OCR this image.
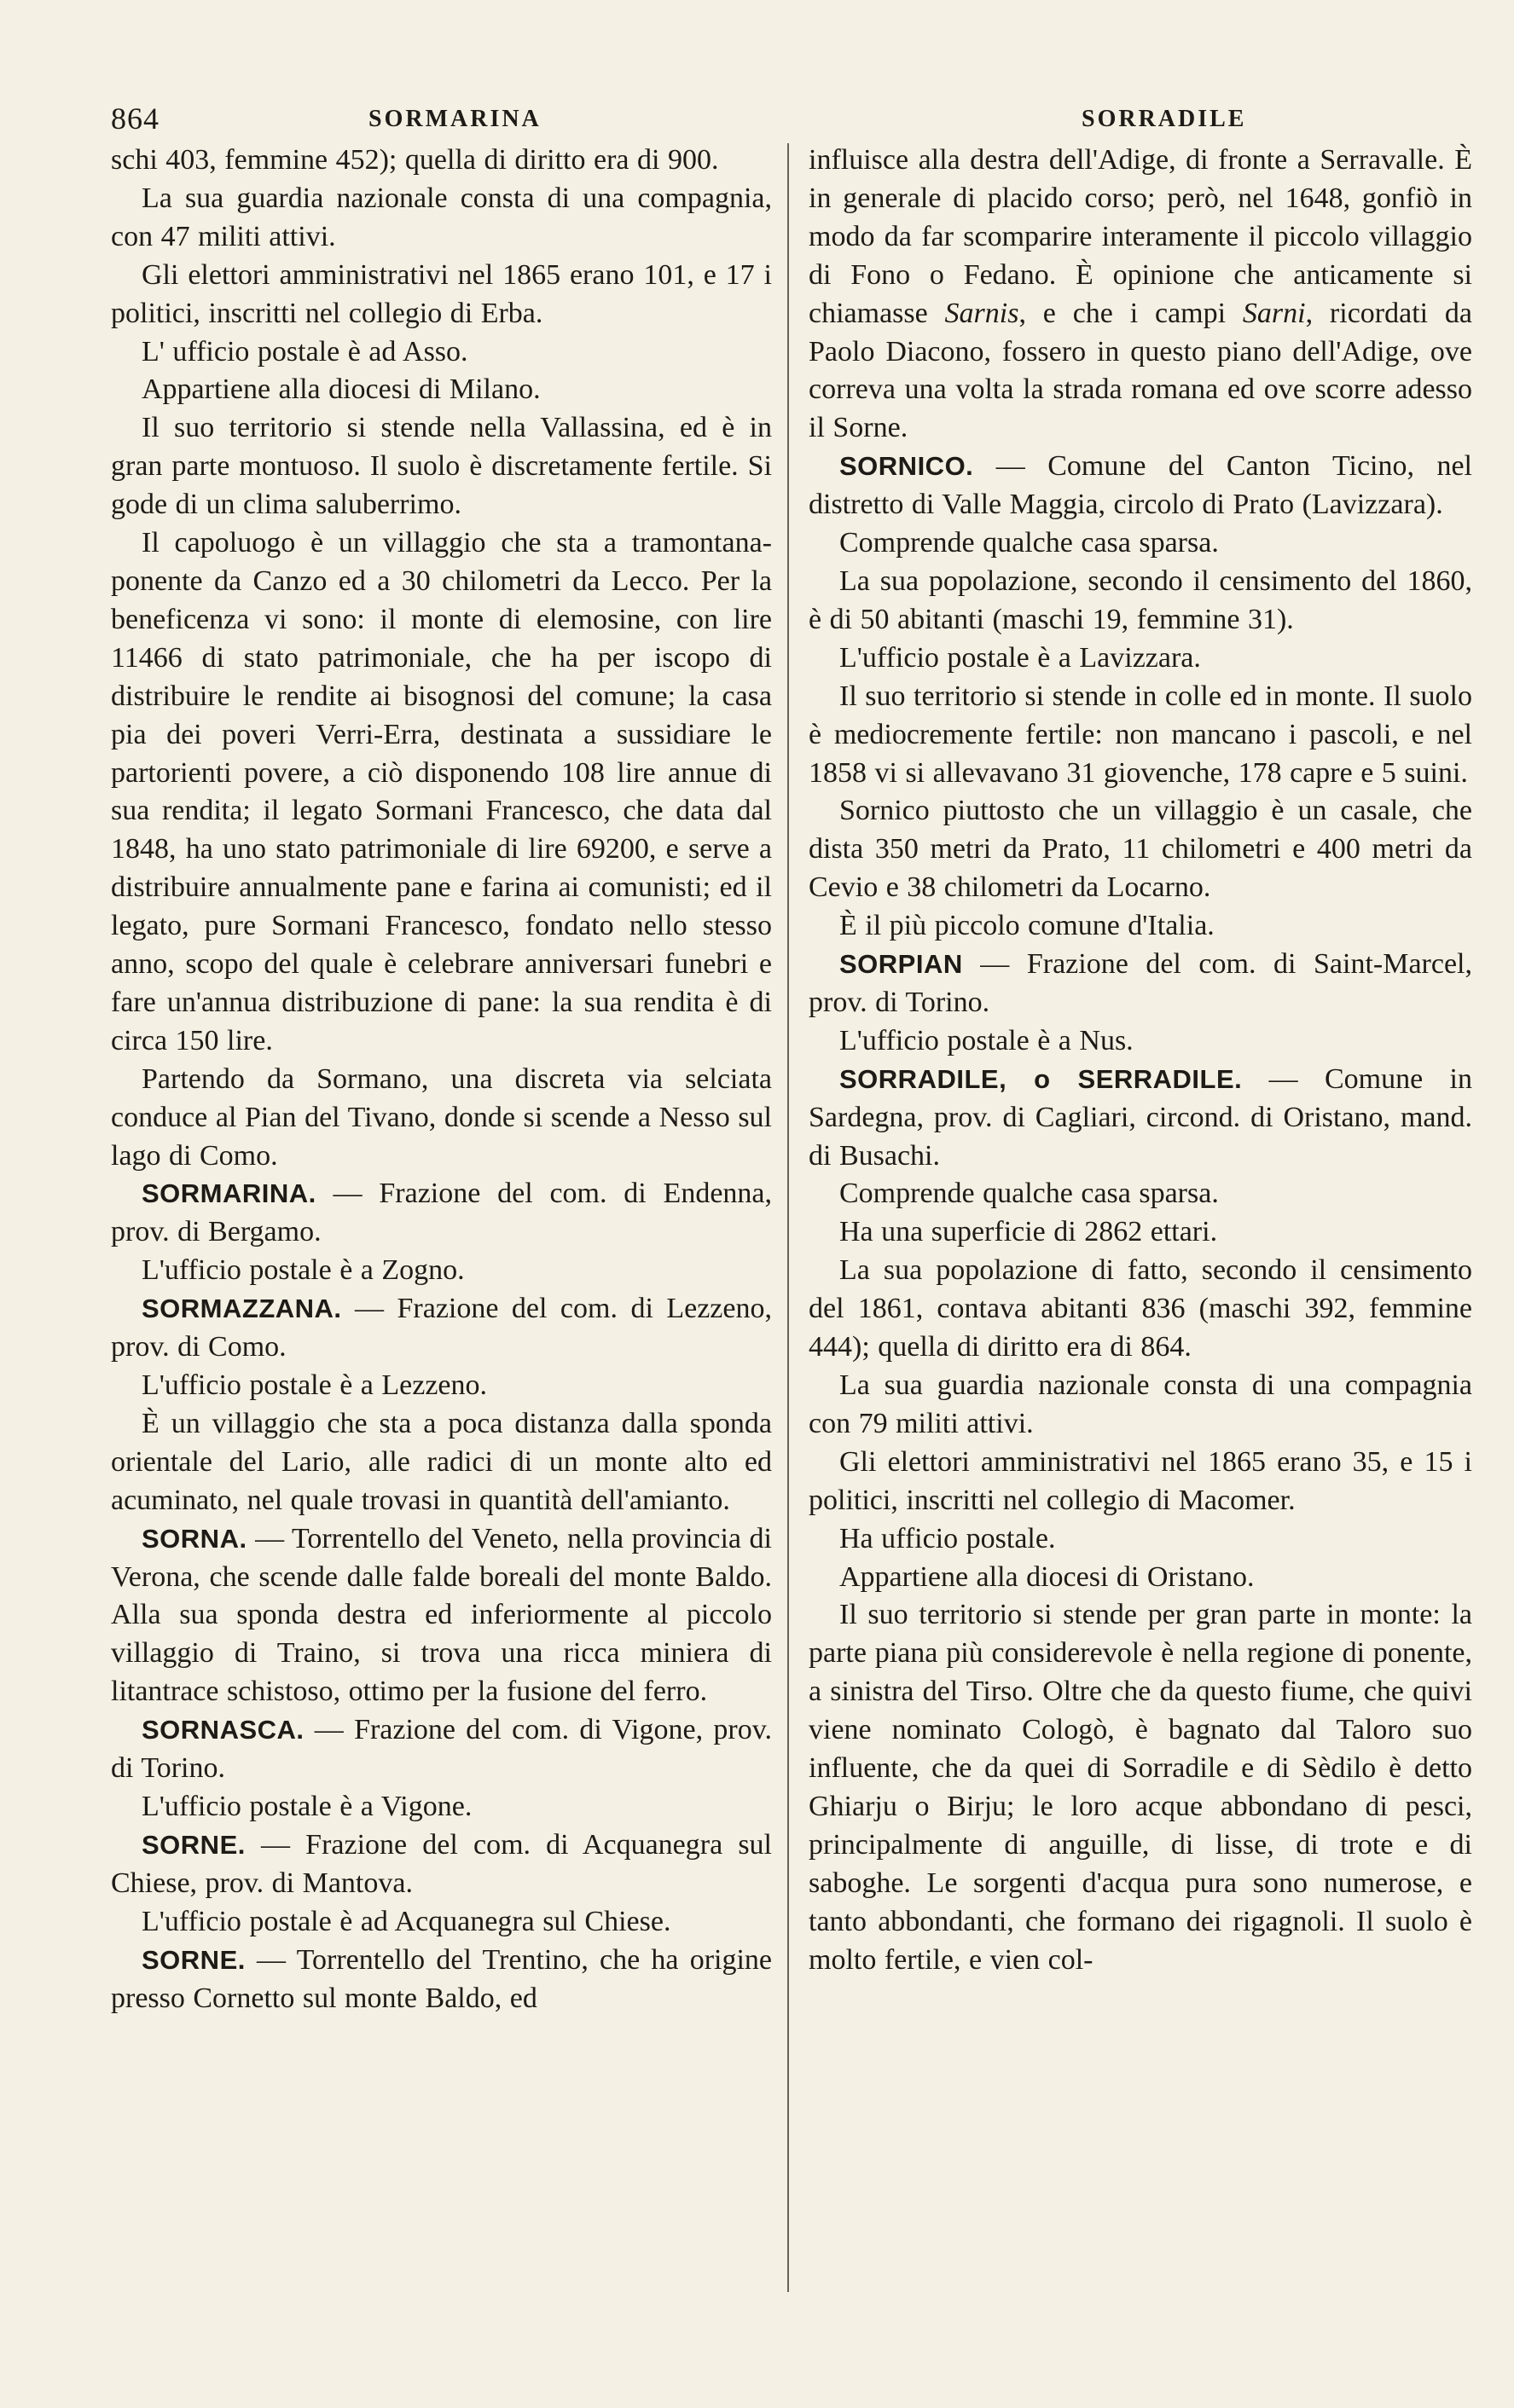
864	SORMARINA	SORRADILE

schi 403, femmine 452); quella di diritto era di 900.

La sua guardia nazionale consta di una compagnia, con 47 militi attivi.

Gli elettori amministrativi nel 1865 erano 101, e 17 i politici, inscritti nel collegio di Erba.

L' ufficio postale è ad Asso.

Appartiene alla diocesi di Milano.

Il suo territorio si stende nella Vallassina, ed è in gran parte montuoso. Il suolo è discretamente fertile. Si gode di un clima saluberrimo.

Il capoluogo è un villaggio che sta a tramontana-ponente da Canzo ed a 30 chilometri da Lecco. Per la beneficenza vi sono: il monte di elemosine, con lire 11466 di stato patrimoniale, che ha per iscopo di distribuire le rendite ai bisognosi del comune; la casa pia dei poveri Verri-Erra, destinata a sussidiare le partorienti povere, a ciò disponendo 108 lire annue di sua rendita; il legato Sormani Francesco, che data dal 1848, ha uno stato patrimoniale di lire 69200, e serve a distribuire annualmente pane e farina ai comunisti; ed il legato, pure Sormani Francesco, fondato nello stesso anno, scopo del quale è celebrare anniversari funebri e fare un'annua distribuzione di pane: la sua rendita è di circa 150 lire.

Partendo da Sormano, una discreta via selciata conduce al Pian del Tivano, donde si scende a Nesso sul lago di Como.

SORMARINA. — Frazione del com. di Endenna, prov. di Bergamo.

L'ufficio postale è a Zogno.

SORMAZZANA. — Frazione del com. di Lezzeno, prov. di Como.

L'ufficio postale è a Lezzeno.

È un villaggio che sta a poca distanza dalla sponda orientale del Lario, alle radici di un monte alto ed acuminato, nel quale trovasi in quantità dell'amianto.

SORNA. — Torrentello del Veneto, nella provincia di Verona, che scende dalle falde boreali del monte Baldo. Alla sua sponda destra ed inferiormente al piccolo villaggio di Traino, si trova una ricca miniera di litantrace schistoso, ottimo per la fusione del ferro.

SORNASCA. — Frazione del com. di Vigone, prov. di Torino.

L'ufficio postale è a Vigone.

SORNE. — Frazione del com. di Acquanegra sul Chiese, prov. di Mantova.

L'ufficio postale è ad Acquanegra sul Chiese.

SORNE. — Torrentello del Trentino, che ha origine presso Cornetto sul monte Baldo, ed

influisce alla destra dell'Adige, di fronte a Serravalle. È in generale di placido corso; però, nel 1648, gonfiò in modo da far scomparire interamente il piccolo villaggio di Fono o Fedano. È opinione che anticamente si chiamasse Sarnis, e che i campi Sarni, ricordati da Paolo Diacono, fossero in questo piano dell'Adige, ove correva una volta la strada romana ed ove scorre adesso il Sorne.

SORNICO. — Comune del Canton Ticino, nel distretto di Valle Maggia, circolo di Prato (Lavizzara).

Comprende qualche casa sparsa.

La sua popolazione, secondo il censimento del 1860, è di 50 abitanti (maschi 19, femmine 31).

L'ufficio postale è a Lavizzara.

Il suo territorio si stende in colle ed in monte. Il suolo è mediocremente fertile: non mancano i pascoli, e nel 1858 vi si allevavano 31 giovenche, 178 capre e 5 suini.

Sornico piuttosto che un villaggio è un casale, che dista 350 metri da Prato, 11 chilometri e 400 metri da Cevio e 38 chilometri da Locarno.

È il più piccolo comune d'Italia.

SORPIAN — Frazione del com. di Saint-Marcel, prov. di Torino.

L'ufficio postale è a Nus.

SORRADILE, o SERRADILE. — Comune in Sardegna, prov. di Cagliari, circond. di Oristano, mand. di Busachi.

Comprende qualche casa sparsa.

Ha una superficie di 2862 ettari.

La sua popolazione di fatto, secondo il censimento del 1861, contava abitanti 836 (maschi 392, femmine 444); quella di diritto era di 864.

La sua guardia nazionale consta di una compagnia con 79 militi attivi.

Gli elettori amministrativi nel 1865 erano 35, e 15 i politici, inscritti nel collegio di Macomer.

Ha ufficio postale.

Appartiene alla diocesi di Oristano.

Il suo territorio si stende per gran parte in monte: la parte piana più considerevole è nella regione di ponente, a sinistra del Tirso. Oltre che da questo fiume, che quivi viene nominato Cologò, è bagnato dal Taloro suo influente, che da quei di Sorradile e di Sèdilo è detto Ghiarju o Birju; le loro acque abbondano di pesci, principalmente di anguille, di lisse, di trote e di saboghe. Le sorgenti d'acqua pura sono numerose, e tanto abbondanti, che formano dei rigagnoli. Il suolo è molto fertile, e vien col-
